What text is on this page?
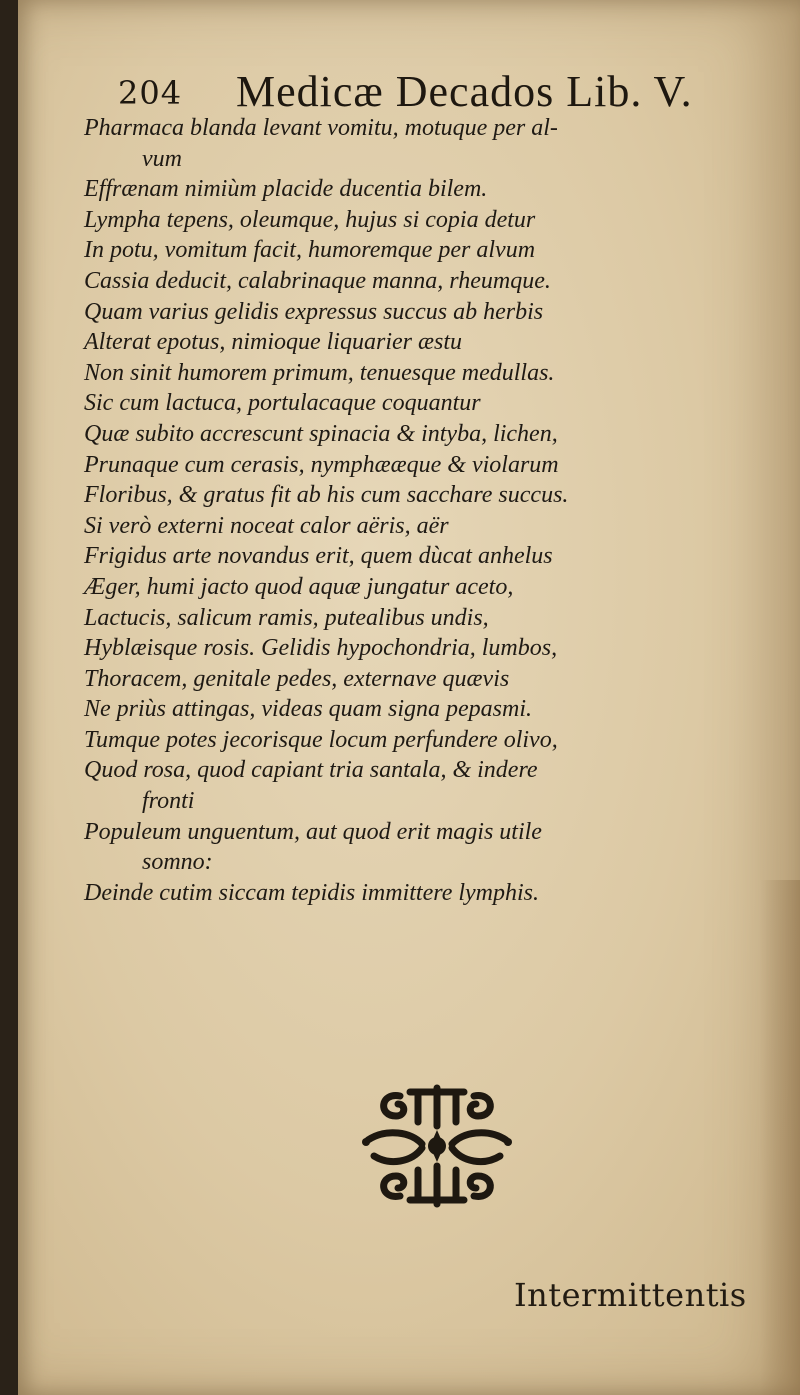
204 Medicæ Decados Lib. V.

Pharmaca blanda levant vomitu, motuque per al-

vum

Effrænam nimiùm placide ducentia bilem.

Lympha tepens, oleumque, hujus si copia detur

In potu, vomitum facit, humoremque per alvum

Cassia deducit, calabrinaque manna, rheumque.

Quam varius gelidis expressus succus ab herbis

Alterat epotus, nimioque liquarier æstu

Non sinit humorem primum, tenuesque medullas.

Sic cum lactuca, portulacaque coquantur

Quæ subito accrescunt spinacia & intyba, lichen,

Prunaque cum cerasis, nymphææque & violarum

Floribus, & gratus fit ab his cum sacchare succus.

Si verò externi noceat calor aëris, aër

Frigidus arte novandus erit, quem dùcat anhelus

Æger, humi jacto quod aquæ jungatur aceto,

Lactucis, salicum ramis, putealibus undis,

Hyblæisque rosis. Gelidis hypochondria, lumbos,

Thoracem, genitale pedes, externave quævis

Ne priùs attingas, videas quam signa pepasmi.

Tumque potes jecorisque locum perfundere olivo,

Quod rosa, quod capiant tria santala, & indere

fronti

Populeum unguentum, aut quod erit magis utile

somno:

Deinde cutim siccam tepidis immittere lymphis.

Intermittentis
